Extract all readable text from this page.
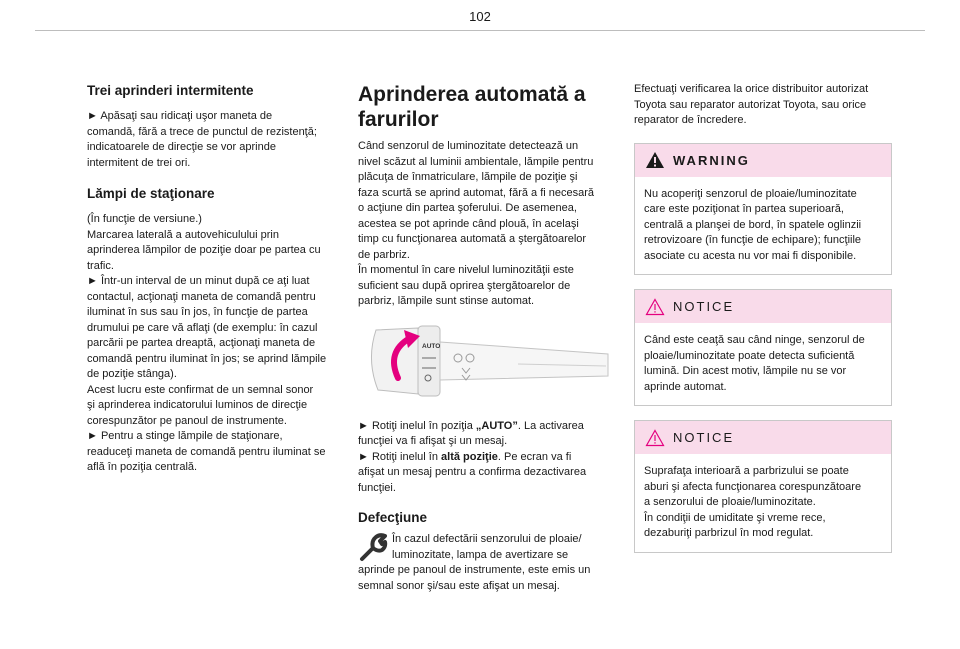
102
Trei aprinderi intermitente

► Apăsaţi sau ridicaţi uşor maneta de
comandă, fără a trece de punctul de rezistenţă;
indicatoarele de direcţie se vor aprinde
intermitent de trei ori.

Lămpi de staţionare

(În funcţie de versiune.)
Marcarea laterală a autovehiculului prin
aprinderea lămpilor de poziţie doar pe partea cu
trafic.
► Într-un interval de un minut după ce aţi luat
contactul, acţionaţi maneta de comandă pentru
iluminat în sus sau în jos, în funcţie de partea
drumului pe care vă aflaţi (de exemplu: în cazul
parcării pe partea dreaptă, acţionaţi maneta de
comandă pentru iluminat în jos; se aprind lămpile
de poziţie stânga).
Acest lucru este confirmat de un semnal sonor
şi aprinderea indicatorului luminos de direcţie
corespunzător pe panoul de instrumente.
► Pentru a stinge lămpile de staţionare,
readuceţi maneta de comandă pentru iluminat se
află în poziţia centrală.

Aprinderea automată a
farurilor

Când senzorul de luminozitate detectează un
nivel scăzut al luminii ambientale, lămpile pentru
plăcuţa de înmatriculare, lămpile de poziţie şi
faza scurtă se aprind automat, fără a fi necesară
o acţiune din partea şoferului. De asemenea,
acestea se pot aprinde când plouă, în acelaşi
timp cu funcţionarea automată a ştergătoarelor
de parbriz.
În momentul în care nivelul luminozităţii este
suficient sau după oprirea ştergătoarelor de
parbriz, lămpile sunt stinse automat.

AUTO

► Rotiţi inelul în poziţia „AUTO”. La activarea
funcţiei va fi afişat şi un mesaj.

► Rotiţi inelul în altă poziţie. Pe ecran va fi
afişat un mesaj pentru a confirma dezactivarea
funcţiei.

Defecţiune

În cazul defectării senzorului de ploaie/
luminozitate, lampa de avertizare se

aprinde pe panoul de instrumente, este emis un
semnal sonor şi/sau este afişat un mesaj.

Efectuaţi verificarea la orice distribuitor autorizat
Toyota sau reparator autorizat Toyota, sau orice
reparator de încredere.

WARNING

Nu acoperiţi senzorul de ploaie/luminozitate
care este poziţionat în partea superioară,
centrală a planşei de bord, în spatele oglinzii
retrovizoare (în funcţie de echipare); funcţiile
asociate cu acesta nu vor mai fi disponibile.

NOTICE

Când este ceaţă sau când ninge, senzorul de
ploaie/luminozitate poate detecta suficientă
lumină. Din acest motiv, lămpile nu se vor
aprinde automat.

NOTICE

Suprafaţa interioară a parbrizului se poate
aburi şi afecta funcţionarea corespunzătoare
a senzorului de ploaie/luminozitate.
În condiţii de umiditate şi vreme rece,
dezaburiţi parbrizul în mod regulat.
